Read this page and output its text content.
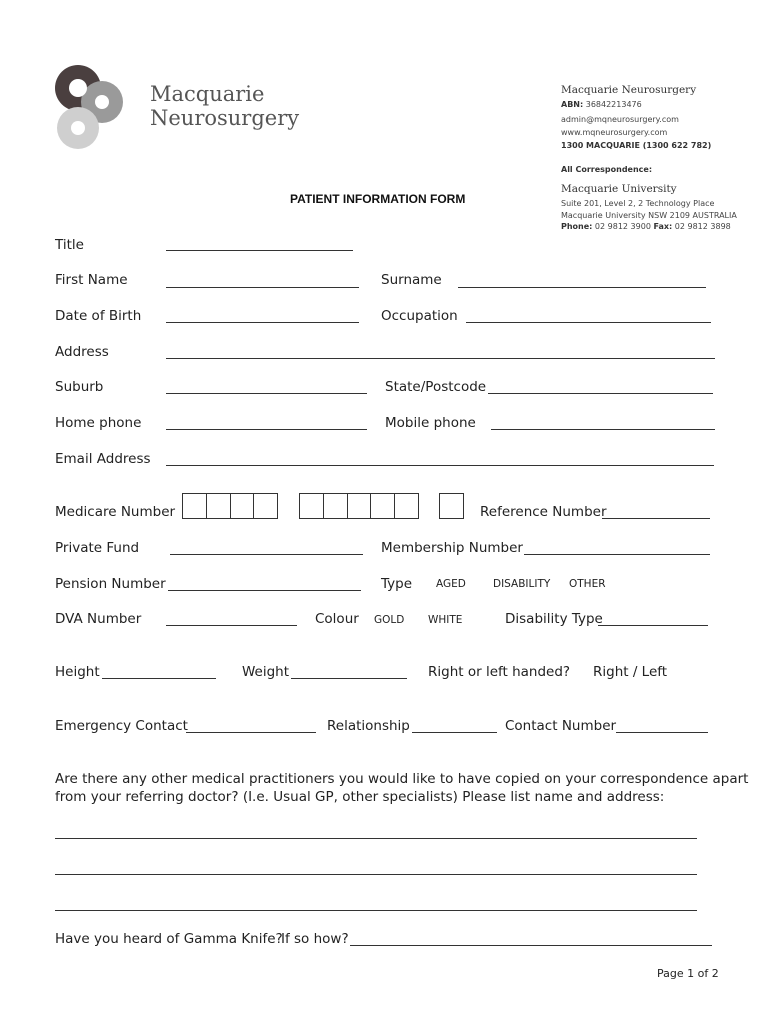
Macquarie
Neurosurgery
Macquarie Neurosurgery
ABN: 36842213476
admin@mqneurosurgery.com
www.mqneurosurgery.com
1300 MACQUARIE (1300 622 782)
All Correspondence:
Macquarie University
Suite 201, Level 2, 2 Technology Place
Macquarie University NSW 2109 AUSTRALIA
Phone: 02 9812 3900 Fax: 02 9812 3898
PATIENT INFORMATION FORM
Title
First Name	Surname
Date of Birth	Occupation
Address
Suburb	State/Postcode
Home phone	Mobile phone
Email Address
Medicare Number	Reference Number
Private Fund	Membership Number
Pension Number	Type AGED	DISABILITY OTHER
DVA Number	Colour GOLD WHITE	Disability Type
Height	Weight	Right or left handed? Right / Left
Emergency Contact	Relationship	Contact Number
Are there any other medical practitioners you would like to have copied on your correspondence apart
from your referring doctor? (I.e. Usual GP, other specialists) Please list name and address:
Have you heard of Gamma Knife?
If so how?
Page 1 of 2
